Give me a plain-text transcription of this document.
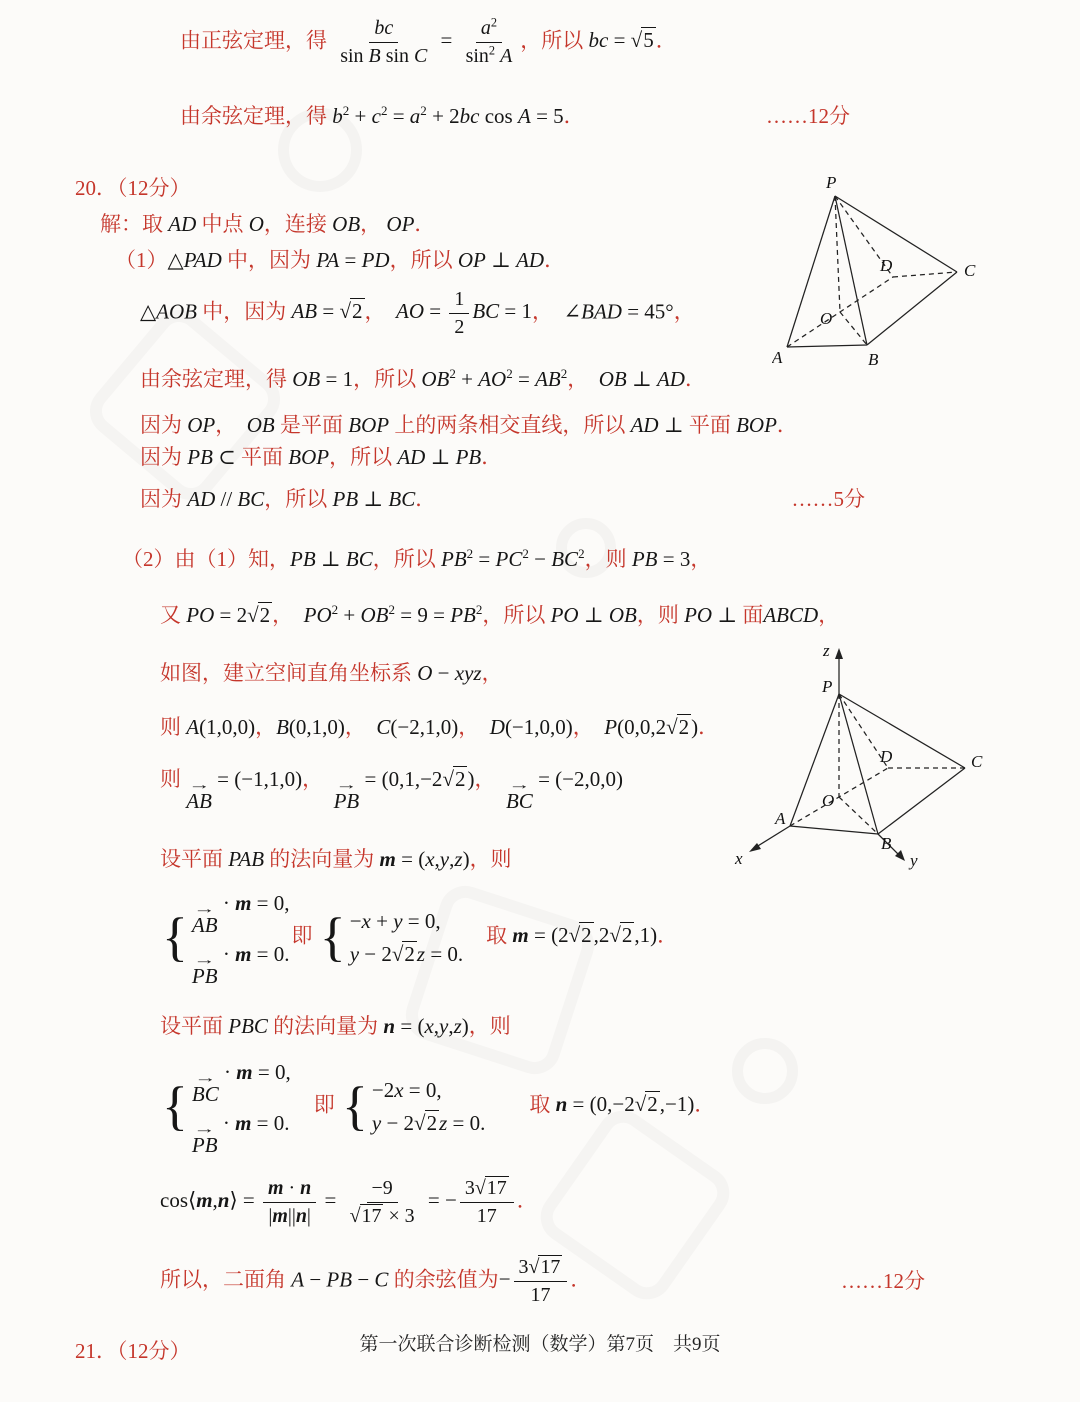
P
A	B
C
D
O
z
P
A
B
C
D
O
x	y
由正弦定理，得 $\frac{bc}{\text{sin B sin C}} = \frac{a^2}{\sin^2 A}$ ，所以 bc = √5．
由余弦定理，得 $b^2 + c^2 = a^2 + 2bc$ cos A = 5．	……12分
20．（12分）
解：取 AD 中点 O，连接 OB， OP．
（1）△PAD 中，因为 PA = PD，所以 OP ⊥ AD．
△AOB 中，因为 AB = √2，　AO = $\frac{1}{2}$ BC = 1，　∠BAD = 45°，
由余弦定理，得 OB = 1，所以 $OB^2 + AO^2 = AB^2$，　OB ⊥ AD．
因为 OP，　OB 是平面 BOP 上的两条相交直线，所以 AD ⊥ 平面 BOP．
因为 PB ⊂ 平面 BOP，所以 AD ⊥ PB．
因为 AD // BC，所以 PB ⊥ BC．	……5分
（2）由（1）知，PB ⊥ BC，所以 $PB^2 = PC^2 - BC^2$，则 PB = 3，
又 PO = 2√2，　$PO^2 + OB^2 = 9 = PB^2$，所以 PO ⊥ OB，则 PO ⊥ 面ABCD，
如图，建立空间直角坐标系 O − xyz，
则 A(1,0,0)，B(0,1,0)，　C(−2,1,0)，　D(−1,0,0)，　P(0,0,2√2)．
则 →
AB
= (−1,1,0)，　 →
PB
= (0,1,−2√2)，　 →
BC
= (−2,0,0)
设平面 PAB 的法向量为 m = (x,y,z)，则
{ →
AB
· m = 0,
→
PB
· m = 0.
即 { −x + y = 0,
y − 2√2z = 0.
　取 m = (2√2,2√2,1)．
设平面 PBC 的法向量为 n = (x,y,z)，则
{ →
BC
· m = 0,
→
PB
· m = 0.
　即 { −2x = 0,
y − 2√2z = 0.
　　取 n = (0,−2√2,−1)．
cos⟨m,n⟩ = $\frac{m \cdot n}{|m||n|} = \frac{-9}{√17 \times 3}$ = − $\frac{3√17}{17}$ ．
所以，二面角 A − PB − C 的余弦值为− $\frac{3√17}{17}$ ．	……12分
21．（12分）	第一次联合诊断检测（数学）第7页　共9页
